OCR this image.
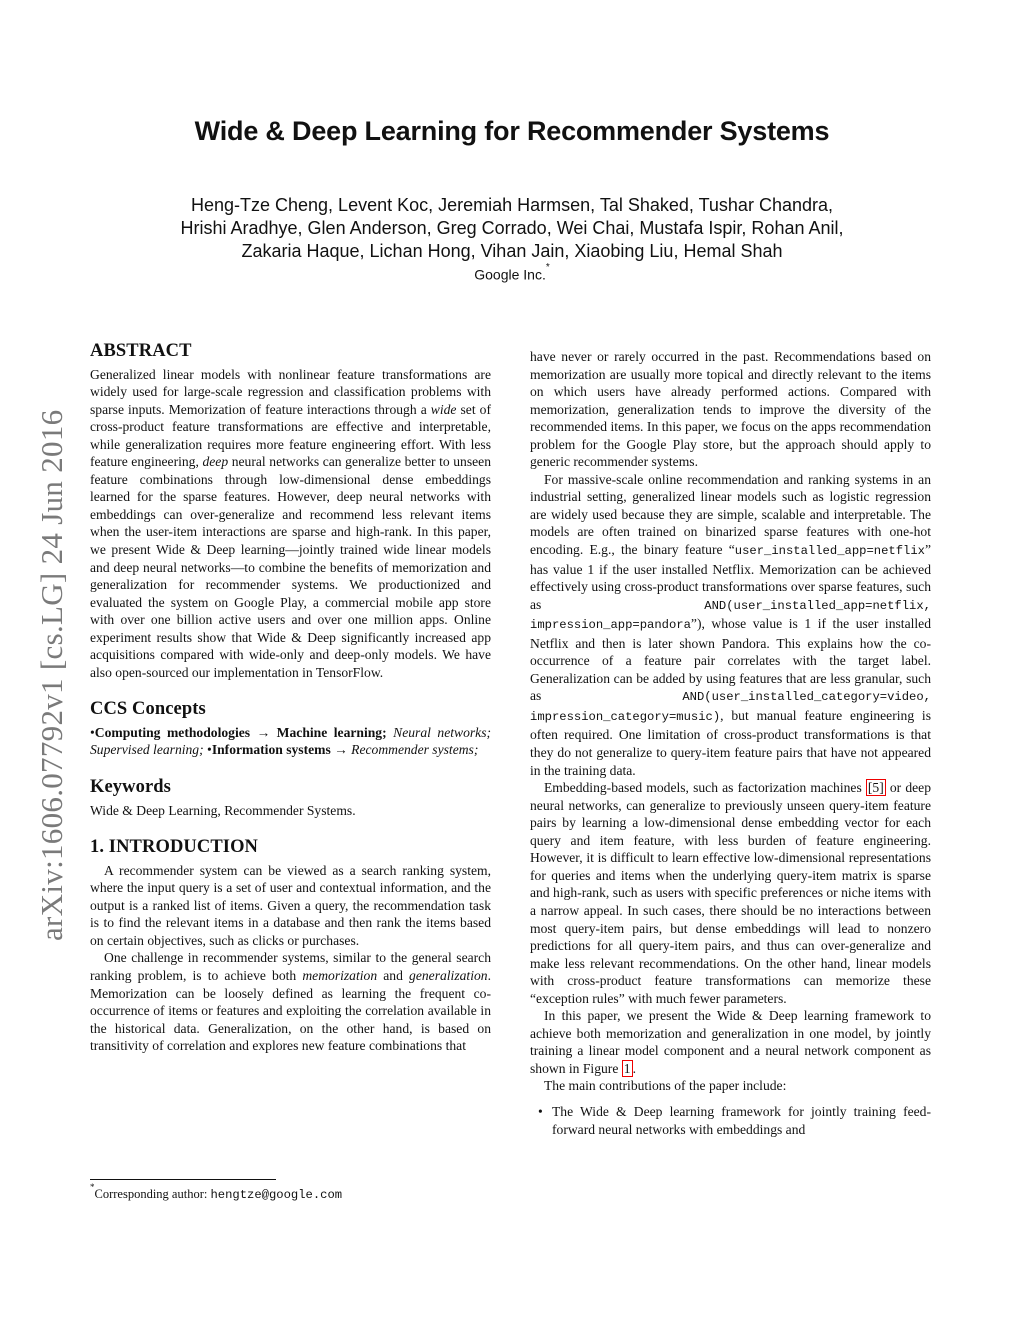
Wide & Deep Learning for Recommender Systems
Heng-Tze Cheng, Levent Koc, Jeremiah Harmsen, Tal Shaked, Tushar Chandra,
Hrishi Aradhye, Glen Anderson, Greg Corrado, Wei Chai, Mustafa Ispir, Rohan Anil,
Zakaria Haque, Lichan Hong, Vihan Jain, Xiaobing Liu, Hemal Shah
Google Inc.*
arXiv:1606.07792v1 [cs.LG] 24 Jun 2016
ABSTRACT

Generalized linear models with nonlinear feature transformations are widely used for large-scale regression and classification problems with sparse inputs. Memorization of feature interactions through a wide set of cross-product feature transformations are effective and interpretable, while generalization requires more feature engineering effort. With less feature engineering, deep neural networks can generalize better to unseen feature combinations through low-dimensional dense embeddings learned for the sparse features. However, deep neural networks with embeddings can over-generalize and recommend less relevant items when the user-item interactions are sparse and high-rank. In this paper, we present Wide & Deep learning—jointly trained wide linear models and deep neural networks—to combine the benefits of memorization and generalization for recommender systems. We productionized and evaluated the system on Google Play, a commercial mobile app store with over one billion active users and over one million apps. Online experiment results show that Wide & Deep significantly increased app acquisitions compared with wide-only and deep-only models. We have also open-sourced our implementation in TensorFlow.

CCS Concepts

•Computing methodologies → Machine learning; Neural networks; Supervised learning; •Information systems → Recommender systems;

Keywords

Wide & Deep Learning, Recommender Systems.

1. INTRODUCTION

A recommender system can be viewed as a search ranking system, where the input query is a set of user and contextual information, and the output is a ranked list of items. Given a query, the recommendation task is to find the relevant items in a database and then rank the items based on certain objectives, such as clicks or purchases.

One challenge in recommender systems, similar to the general search ranking problem, is to achieve both memorization and generalization. Memorization can be loosely defined as learning the frequent co-occurrence of items or features and exploiting the correlation available in the historical data. Generalization, on the other hand, is based on transitivity of correlation and explores new feature combinations that

*Corresponding author: hengtze@google.com

have never or rarely occurred in the past. Recommendations based on memorization are usually more topical and directly relevant to the items on which users have already performed actions. Compared with memorization, generalization tends to improve the diversity of the recommended items. In this paper, we focus on the apps recommendation problem for the Google Play store, but the approach should apply to generic recommender systems.

For massive-scale online recommendation and ranking systems in an industrial setting, generalized linear models such as logistic regression are widely used because they are simple, scalable and interpretable. The models are often trained on binarized sparse features with one-hot encoding. E.g., the binary feature “user_installed_app=netflix” has value 1 if the user installed Netflix. Memorization can be achieved effectively using cross-product transformations over sparse features, such as AND(user_installed_app=netflix, impression_app=pandora”), whose value is 1 if the user installed Netflix and then is later shown Pandora. This explains how the co-occurrence of a feature pair correlates with the target label. Generalization can be added by using features that are less granular, such as AND(user_installed_category=video, impression_category=music), but manual feature engineering is often required. One limitation of cross-product transformations is that they do not generalize to query-item feature pairs that have not appeared in the training data.

Embedding-based models, such as factorization machines [5] or deep neural networks, can generalize to previously unseen query-item feature pairs by learning a low-dimensional dense embedding vector for each query and item feature, with less burden of feature engineering. However, it is difficult to learn effective low-dimensional representations for queries and items when the underlying query-item matrix is sparse and high-rank, such as users with specific preferences or niche items with a narrow appeal. In such cases, there should be no interactions between most query-item pairs, but dense embeddings will lead to nonzero predictions for all query-item pairs, and thus can over-generalize and make less relevant recommendations. On the other hand, linear models with cross-product feature transformations can memorize these “exception rules” with much fewer parameters.

In this paper, we present the Wide & Deep learning framework to achieve both memorization and generalization in one model, by jointly training a linear model component and a neural network component as shown in Figure 1 .

The main contributions of the paper include:

• The Wide & Deep learning framework for jointly training feed-forward neural networks with embeddings and
